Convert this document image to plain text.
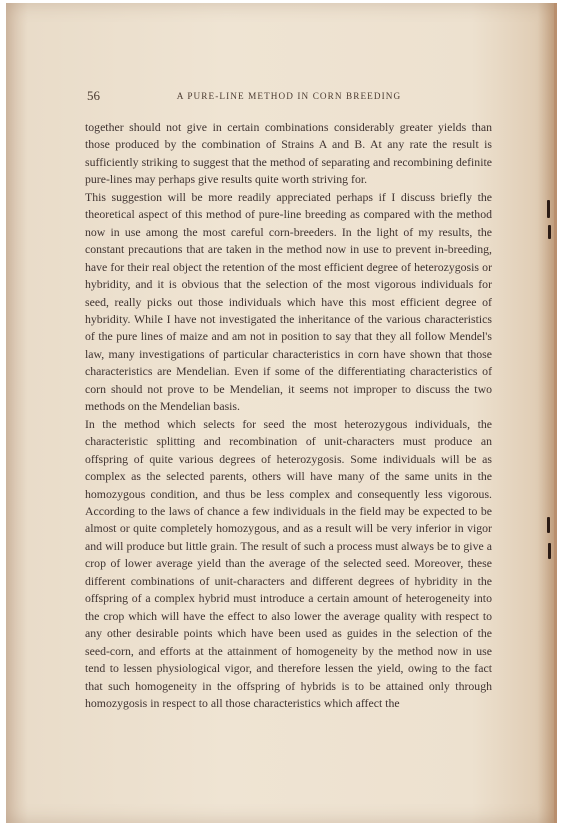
56	A PURE-LINE METHOD IN CORN BREEDING

together should not give in certain combinations considerably greater yields than those produced by the combination of Strains A and B. At any rate the result is sufficiently striking to suggest that the method of separating and recombining definite pure-lines may perhaps give results quite worth striving for.

This suggestion will be more readily appreciated perhaps if I discuss briefly the theoretical aspect of this method of pure-line breeding as compared with the method now in use among the most careful corn-breeders. In the light of my results, the constant precautions that are taken in the method now in use to prevent in-breeding, have for their real object the retention of the most efficient degree of heterozygosis or hybridity, and it is obvious that the selection of the most vigorous individuals for seed, really picks out those individuals which have this most efficient degree of hybridity. While I have not investigated the inheritance of the various characteristics of the pure lines of maize and am not in position to say that they all follow Mendel's law, many investigations of particular characteristics in corn have shown that those characteristics are Mendelian. Even if some of the differentiating characteristics of corn should not prove to be Mendelian, it seems not improper to discuss the two methods on the Mendelian basis.

In the method which selects for seed the most heterozygous individuals, the characteristic splitting and recombination of unit-characters must produce an offspring of quite various degrees of heterozygosis. Some individuals will be as complex as the selected parents, others will have many of the same units in the homozygous condition, and thus be less complex and consequently less vigorous. According to the laws of chance a few individuals in the field may be expected to be almost or quite completely homozygous, and as a result will be very inferior in vigor and will produce but little grain. The result of such a process must always be to give a crop of lower average yield than the average of the selected seed. Moreover, these different combinations of unit-characters and different degrees of hybridity in the offspring of a complex hybrid must introduce a certain amount of heterogeneity into the crop which will have the effect to also lower the average quality with respect to any other desirable points which have been used as guides in the selection of the seed-corn, and efforts at the attainment of homogeneity by the method now in use tend to lessen physiological vigor, and therefore lessen the yield, owing to the fact that such homogeneity in the offspring of hybrids is to be attained only through homozygosis in respect to all those characteristics which affect the
